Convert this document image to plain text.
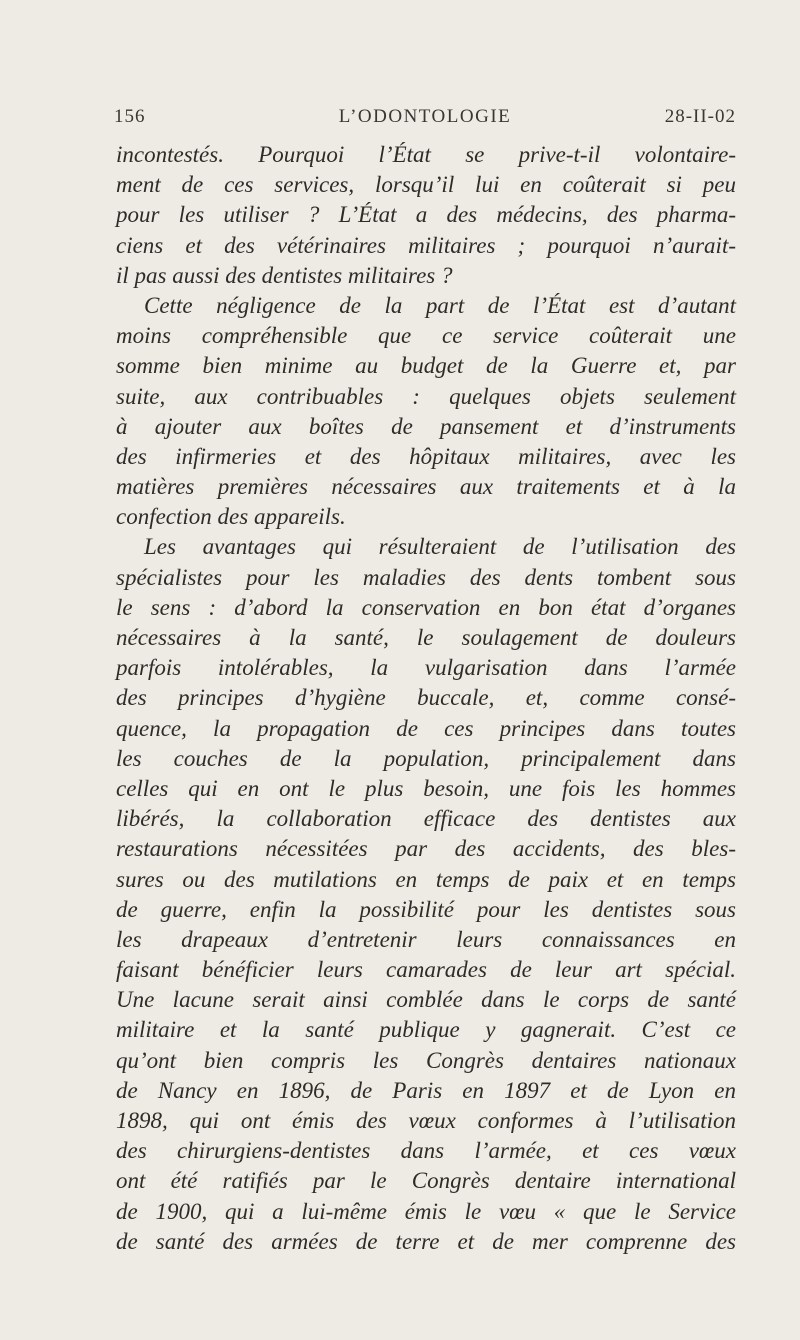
156	L’ODONTOLOGIE	28-II-02
incontestés. Pourquoi l’État se prive-t-il volontaire-
ment de ces services, lorsqu’il lui en coûterait si peu
pour les utiliser ? L’État a des médecins, des pharma-
ciens et des vétérinaires militaires ; pourquoi n’aurait-
il pas aussi des dentistes militaires ?
Cette négligence de la part de l’État est d’autant
moins compréhensible que ce service coûterait une
somme bien minime au budget de la Guerre et, par
suite, aux contribuables : quelques objets seulement
à ajouter aux boîtes de pansement et d’instruments
des infirmeries et des hôpitaux militaires, avec les
matières premières nécessaires aux traitements et à la
confection des appareils.
Les avantages qui résulteraient de l’utilisation des
spécialistes pour les maladies des dents tombent sous
le sens : d’abord la conservation en bon état d’organes
nécessaires à la santé, le soulagement de douleurs
parfois intolérables, la vulgarisation dans l’armée
des principes d’hygiène buccale, et, comme consé-
quence, la propagation de ces principes dans toutes
les couches de la population, principalement dans
celles qui en ont le plus besoin, une fois les hommes
libérés, la collaboration efficace des dentistes aux
restaurations nécessitées par des accidents, des bles-
sures ou des mutilations en temps de paix et en temps
de guerre, enfin la possibilité pour les dentistes sous
les drapeaux d’entretenir leurs connaissances en
faisant bénéficier leurs camarades de leur art spécial.
Une lacune serait ainsi comblée dans le corps de santé
militaire et la santé publique y gagnerait. C’est ce
qu’ont bien compris les Congrès dentaires nationaux
de Nancy en 1896, de Paris en 1897 et de Lyon en
1898, qui ont émis des vœux conformes à l’utilisation
des chirurgiens-dentistes dans l’armée, et ces vœux
ont été ratifiés par le Congrès dentaire international
de 1900, qui a lui-même émis le vœu « que le Service
de santé des armées de terre et de mer comprenne des
